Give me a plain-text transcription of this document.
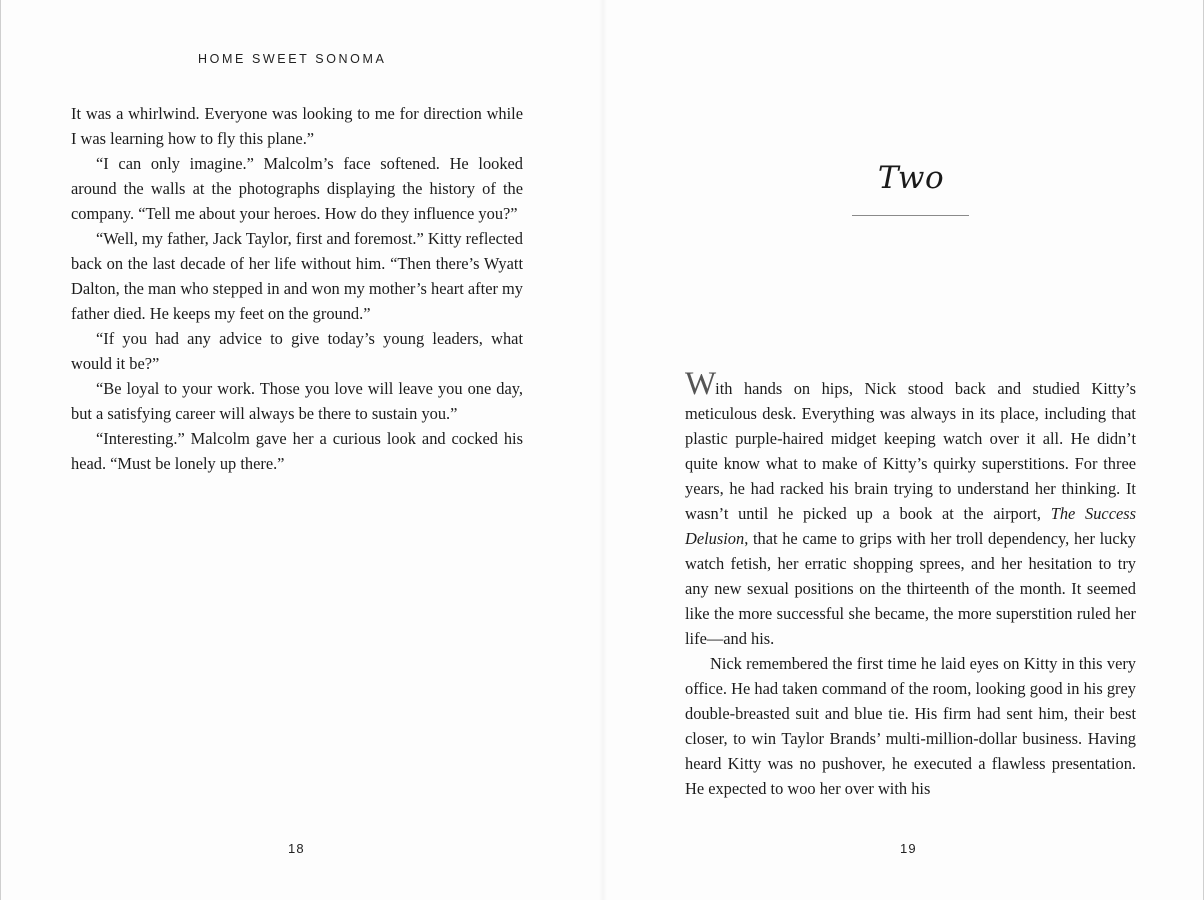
HOME SWEET SONOMA

It was a whirlwind. Everyone was looking to me for direction while I was learning how to fly this plane.”

“I can only imagine.” Malcolm’s face softened. He looked around the walls at the photographs displaying the history of the company. “Tell me about your heroes. How do they influence you?”

“Well, my father, Jack Taylor, first and foremost.” Kitty reflected back on the last decade of her life without him. “Then there’s Wyatt Dalton, the man who stepped in and won my mother’s heart after my father died. He keeps my feet on the ground.”

“If you had any advice to give today’s young leaders, what would it be?”

“Be loyal to your work. Those you love will leave you one day, but a satisfying career will always be there to sustain you.”

“Interesting.” Malcolm gave her a curious look and cocked his head. “Must be lonely up there.”

18
Two

With hands on hips, Nick stood back and studied Kitty’s meticulous desk. Everything was always in its place, including that plastic purple-haired midget keeping watch over it all. He didn’t quite know what to make of Kitty’s quirky superstitions. For three years, he had racked his brain trying to understand her thinking. It wasn’t until he picked up a book at the airport, The Success Delusion, that he came to grips with her troll dependency, her lucky watch fetish, her erratic shopping sprees, and her hesitation to try any new sexual positions on the thirteenth of the month. It seemed like the more successful she became, the more superstition ruled her life—and his.

Nick remembered the first time he laid eyes on Kitty in this very office. He had taken command of the room, looking good in his grey double-breasted suit and blue tie. His firm had sent him, their best closer, to win Taylor Brands’ multi-million-dollar business. Having heard Kitty was no pushover, he executed a flawless presentation. He expected to woo her over with his

19
